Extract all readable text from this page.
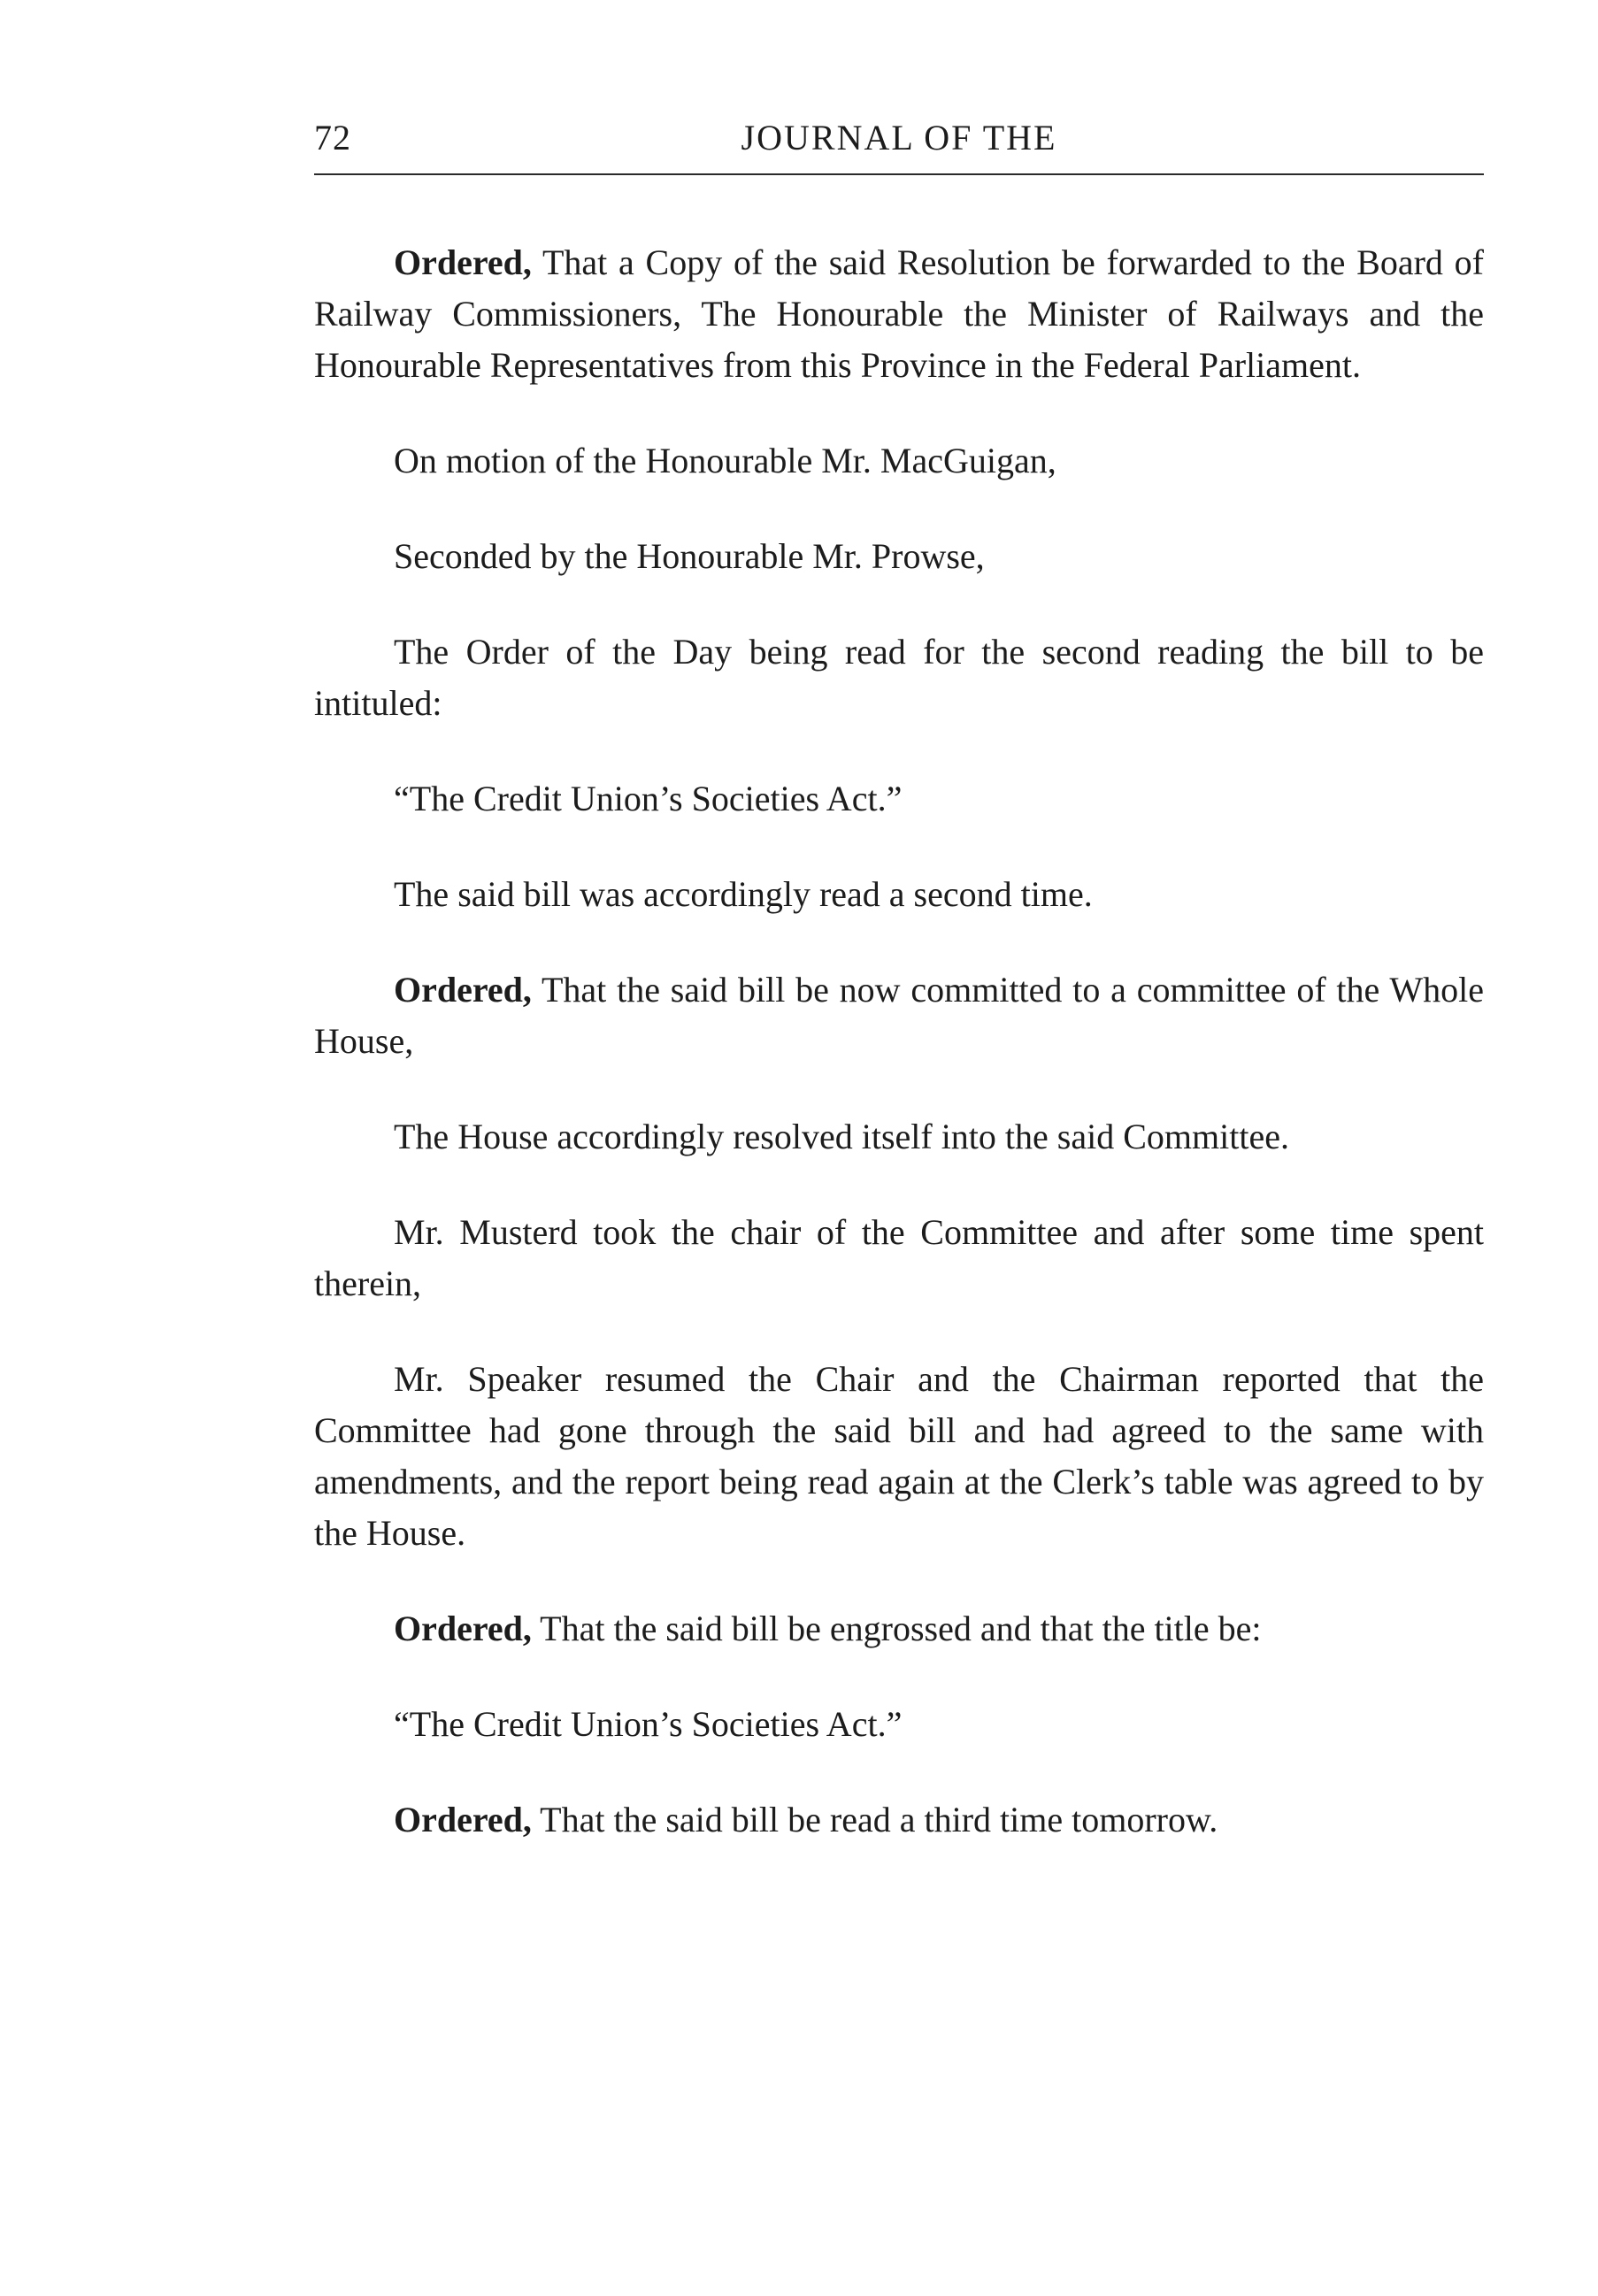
72	JOURNAL OF THE

Ordered, That a Copy of the said Resolution be forwarded to the Board of Railway Commissioners, The Honourable the Minister of Railways and the Honourable Representatives from this Province in the Federal Parliament.

On motion of the Honourable Mr. MacGuigan,

Seconded by the Honourable Mr. Prowse,

The Order of the Day being read for the second reading the bill to be intituled:

“The Credit Union’s Societies Act.”

The said bill was accordingly read a second time.

Ordered, That the said bill be now committed to a committee of the Whole House,

The House accordingly resolved itself into the said Committee.

Mr. Musterd took the chair of the Committee and after some time spent therein,

Mr. Speaker resumed the Chair and the Chairman reported that the Committee had gone through the said bill and had agreed to the same with amendments, and the report being read again at the Clerk’s table was agreed to by the House.

Ordered, That the said bill be engrossed and that the title be:

“The Credit Union’s Societies Act.”

Ordered, That the said bill be read a third time tomorrow.
